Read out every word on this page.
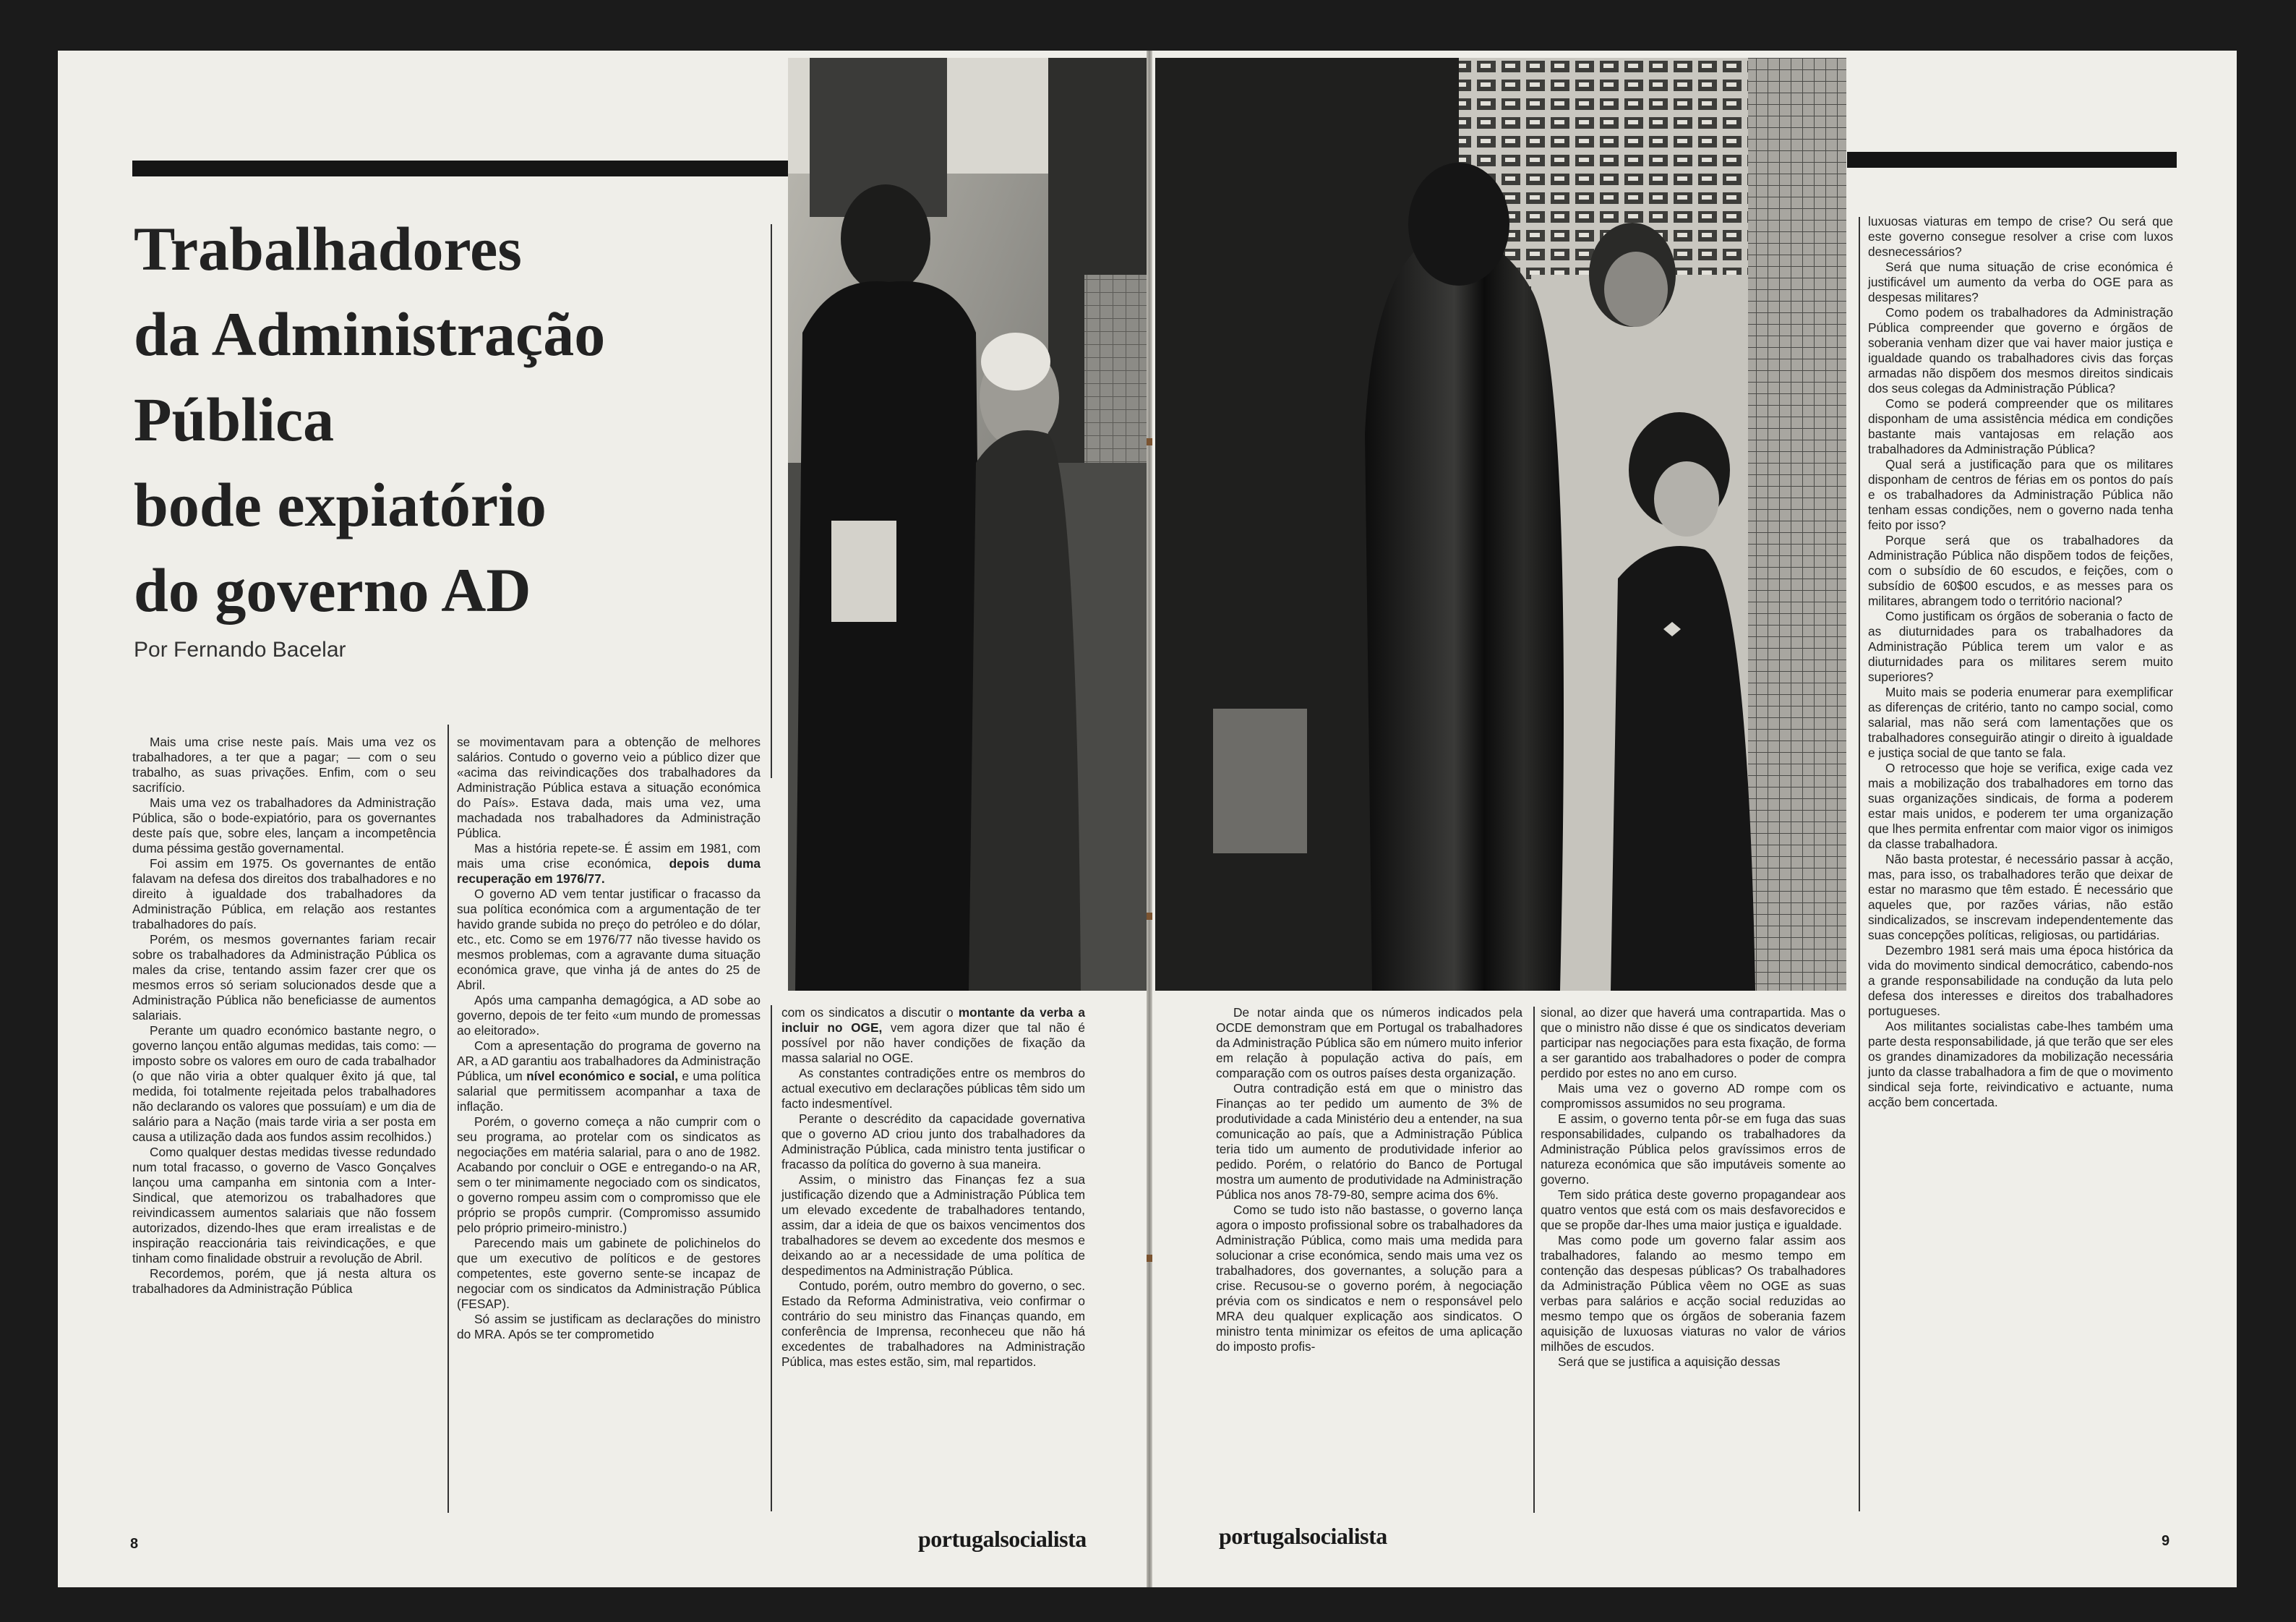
Trabalhadores
da Administração
Pública
bode expiatório
do governo AD
Por Fernando Bacelar

Mais uma crise neste país. Mais uma vez os trabalhadores, a ter que a pagar; — com o seu trabalho, as suas privações. Enfim, com o seu sacrifício.

Mais uma vez os trabalhadores da Administração Pública, são o bode-expiatório, para os governantes deste país que, sobre eles, lançam a incompetência duma péssima gestão governamental.

Foi assim em 1975. Os governantes de então falavam na defesa dos direitos dos trabalhadores e no direito à igualdade dos trabalhadores da Administração Pública, em relação aos restantes trabalhadores do país.

Porém, os mesmos governantes fariam recair sobre os trabalhadores da Administração Pública os males da crise, tentando assim fazer crer que os mesmos erros só seriam solucionados desde que a Administração Pública não beneficiasse de aumentos salariais.

Perante um quadro económico bastante negro, o governo lançou então algumas medidas, tais como: — imposto sobre os valores em ouro de cada trabalhador (o que não viria a obter qualquer êxito já que, tal medida, foi totalmente rejeitada pelos trabalhadores não declarando os valores que possuíam) e um dia de salário para a Nação (mais tarde viria a ser posta em causa a utilização dada aos fundos assim recolhidos.)

Como qualquer destas medidas tivesse redundado num total fracasso, o governo de Vasco Gonçalves lançou uma campanha em sintonia com a Inter-Sindical, que atemorizou os trabalhadores que reivindicassem aumentos salariais que não fossem autorizados, dizendo-lhes que eram irrealistas e de inspiração reaccionária tais reivindicações, e que tinham como finalidade obstruir a revolução de Abril.

Recordemos, porém, que já nesta altura os trabalhadores da Administração Pública

se movimentavam para a obtenção de melhores salários. Contudo o governo veio a público dizer que «acima das reivindicações dos trabalhadores da Administração Pública estava a situação económica do País». Estava dada, mais uma vez, uma machadada nos trabalhadores da Administração Pública.

Mas a história repete-se. É assim em 1981, com mais uma crise económica, depois duma recuperação em 1976/77.

O governo AD vem tentar justificar o fracasso da sua política económica com a argumentação de ter havido grande subida no preço do petróleo e do dólar, etc., etc. Como se em 1976/77 não tivesse havido os mesmos problemas, com a agravante duma situação económica grave, que vinha já de antes do 25 de Abril.

Após uma campanha demagógica, a AD sobe ao governo, depois de ter feito «um mundo de promessas ao eleitorado».

Com a apresentação do programa de governo na AR, a AD garantiu aos trabalhadores da Administração Pública, um nível económico e social, e uma política salarial que permitissem acompanhar a taxa de inflação.

Porém, o governo começa a não cumprir com o seu programa, ao protelar com os sindicatos as negociações em matéria salarial, para o ano de 1982. Acabando por concluir o OGE e entregando-o na AR, sem o ter minimamente negociado com os sindicatos, o governo rompeu assim com o compromisso que ele próprio se propôs cumprir. (Compromisso assumido pelo próprio primeiro-ministro.)

Parecendo mais um gabinete de polichinelos do que um executivo de políticos e de gestores competentes, este governo sente-se incapaz de negociar com os sindicatos da Administração Pública (FESAP).

Só assim se justificam as declarações do ministro do MRA. Após se ter comprometido

com os sindicatos a discutir o montante da verba a incluir no OGE, vem agora dizer que tal não é possível por não haver condições de fixação da massa salarial no OGE.

As constantes contradições entre os membros do actual executivo em declarações públicas têm sido um facto indesmentível.

Perante o descrédito da capacidade governativa que o governo AD criou junto dos trabalhadores da Administração Pública, cada ministro tenta justificar o fracasso da política do governo à sua maneira.

Assim, o ministro das Finanças fez a sua justificação dizendo que a Administração Pública tem um elevado excedente de trabalhadores tentando, assim, dar a ideia de que os baixos vencimentos dos trabalhadores se devem ao excedente dos mesmos e deixando ao ar a necessidade de uma política de despedimentos na Administração Pública.

Contudo, porém, outro membro do governo, o sec. Estado da Reforma Administrativa, veio confirmar o contrário do seu ministro das Finanças quando, em conferência de Imprensa, reconheceu que não há excedentes de trabalhadores na Administração Pública, mas estes estão, sim, mal repartidos.

De notar ainda que os números indicados pela OCDE demonstram que em Portugal os trabalhadores da Administração Pública são em número muito inferior em relação à população activa do país, em comparação com os outros países desta organização.

Outra contradição está em que o ministro das Finanças ao ter pedido um aumento de 3% de produtividade a cada Ministério deu a entender, na sua comunicação ao país, que a Administração Pública teria tido um aumento de produtividade inferior ao pedido. Porém, o relatório do Banco de Portugal mostra um aumento de produtividade na Administração Pública nos anos 78-79-80, sempre acima dos 6%.

Como se tudo isto não bastasse, o governo lança agora o imposto profissional sobre os trabalhadores da Administração Pública, como mais uma medida para solucionar a crise económica, sendo mais uma vez os trabalhadores, dos governantes, a solução para a crise. Recusou-se o governo porém, à negociação prévia com os sindicatos e nem o responsável pelo MRA deu qualquer explicação aos sindicatos. O ministro tenta minimizar os efeitos de uma aplicação do imposto profis-

sional, ao dizer que haverá uma contrapartida. Mas o que o ministro não disse é que os sindicatos deveriam participar nas negociações para esta fixação, de forma a ser garantido aos trabalhadores o poder de compra perdido por estes no ano em curso.

Mais uma vez o governo AD rompe com os compromissos assumidos no seu programa.

E assim, o governo tenta pôr-se em fuga das suas responsabilidades, culpando os trabalhadores da Administração Pública pelos gravíssimos erros de natureza económica que são imputáveis somente ao governo.

Tem sido prática deste governo propagandear aos quatro ventos que está com os mais desfavorecidos e que se propõe dar-lhes uma maior justiça e igualdade.

Mas como pode um governo falar assim aos trabalhadores, falando ao mesmo tempo em contenção das despesas públicas? Os trabalhadores da Administração Pública vêem no OGE as suas verbas para salários e acção social reduzidas ao mesmo tempo que os órgãos de soberania fazem aquisição de luxuosas viaturas no valor de vários milhões de escudos.

Será que se justifica a aquisição dessas

luxuosas viaturas em tempo de crise? Ou será que este governo consegue resolver a crise com luxos desnecessários?

Será que numa situação de crise económica é justificável um aumento da verba do OGE para as despesas militares?

Como podem os trabalhadores da Administração Pública compreender que governo e órgãos de soberania venham dizer que vai haver maior justiça e igualdade quando os trabalhadores civis das forças armadas não dispõem dos mesmos direitos sindicais dos seus colegas da Administração Pública?

Como se poderá compreender que os militares disponham de uma assistência médica em condições bastante mais vantajosas em relação aos trabalhadores da Administração Pública?

Qual será a justificação para que os militares disponham de centros de férias em os pontos do país e os trabalhadores da Administração Pública não tenham essas condições, nem o governo nada tenha feito por isso?

Porque será que os trabalhadores da Administração Pública não dispõem todos de feições, com o subsídio de 60 escudos, e feições, com o subsídio de 60$00 escudos, e as messes para os militares, abrangem todo o território nacional?

Como justificam os órgãos de soberania o facto de as diuturnidades para os trabalhadores da Administração Pública terem um valor e as diuturnidades para os militares serem muito superiores?

Muito mais se poderia enumerar para exemplificar as diferenças de critério, tanto no campo social, como salarial, mas não será com lamentações que os trabalhadores conseguirão atingir o direito à igualdade e justiça social de que tanto se fala.

O retrocesso que hoje se verifica, exige cada vez mais a mobilização dos trabalhadores em torno das suas organizações sindicais, de forma a poderem estar mais unidos, e poderem ter uma organização que lhes permita enfrentar com maior vigor os inimigos da classe trabalhadora.

Não basta protestar, é necessário passar à acção, mas, para isso, os trabalhadores terão que deixar de estar no marasmo que têm estado. É necessário que aqueles que, por razões várias, não estão sindicalizados, se inscrevam independentemente das suas concepções políticas, religiosas, ou partidárias.

Dezembro 1981 será mais uma época histórica da vida do movimento sindical democrático, cabendo-nos a grande responsabilidade na condução da luta pelo defesa dos interesses e direitos dos trabalhadores portugueses.

Aos militantes socialistas cabe-lhes também uma parte desta responsabilidade, já que terão que ser eles os grandes dinamizadores da mobilização necessária junto da classe trabalhadora a fim de que o movimento sindical seja forte, reivindicativo e actuante, numa acção bem concertada.

8	portugalsocialista	portugalsocialista	9
